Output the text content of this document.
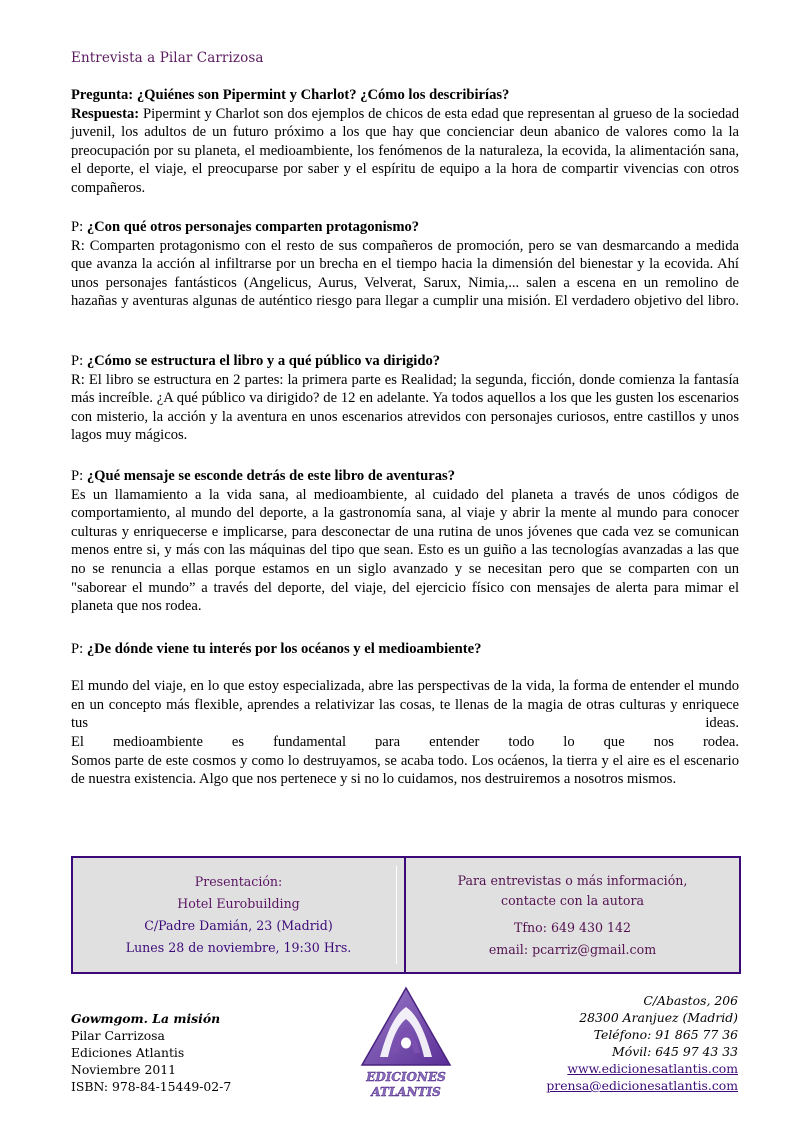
Entrevista a Pilar Carrizosa

Pregunta: ¿Quiénes son Pipermint y Charlot? ¿Cómo los describirías?

Respuesta: Pipermint y Charlot son dos ejemplos de chicos de esta edad que representan al grueso de la sociedad juvenil, los adultos de un futuro próximo a los que hay que concienciar deun abanico de valores como la la preocupación por su planeta, el medioambiente, los fenómenos de la naturaleza, la ecovida, la alimentación sana, el deporte, el viaje, el preocuparse por saber y el espíritu de equipo a la hora de compartir vivencias con otros compañeros.

P: ¿Con qué otros personajes comparten protagonismo?

R: Comparten protagonismo con el resto de sus compañeros de promoción, pero se van desmarcando a medida que avanza la acción al infiltrarse por un brecha en el tiempo hacia la dimensión del bienestar y la ecovida. Ahí unos personajes fantásticos (Angelicus, Aurus, Velverat, Sarux, Nimia,... salen a escena en un remolino de hazañas y aventuras algunas de auténtico riesgo para llegar a cumplir una misión. El verdadero objetivo del libro.

P: ¿Cómo se estructura el libro y a qué público va dirigido?

R: El libro se estructura en 2 partes: la primera parte es Realidad; la segunda, ficción, donde comienza la fantasía más increíble. ¿A qué público va dirigido? de 12 en adelante. Ya todos aquellos a los que les gusten los escenarios con misterio, la acción y la aventura en unos escenarios atrevidos con personajes curiosos, entre castillos y unos lagos muy mágicos.

P: ¿Qué mensaje se esconde detrás de este libro de aventuras?

Es un llamamiento a la vida sana, al medioambiente, al cuidado del planeta a través de unos códigos de comportamiento, al mundo del deporte, a la gastronomía sana, al viaje y abrir la mente al mundo para conocer culturas y enriquecerse e implicarse, para desconectar de una rutina de unos jóvenes que cada vez se comunican menos entre si, y más con las máquinas del tipo que sean. Esto es un guiño a las tecnologías avanzadas a las que no se renuncia a ellas porque estamos en un siglo avanzado y se necesitan pero que se comparten con un "saborear el mundo” a través del deporte, del viaje, del ejercicio físico con mensajes de alerta para mimar el planeta que nos rodea.

P: ¿De dónde viene tu interés por los océanos y el medioambiente?

El mundo del viaje, en lo que estoy especializada, abre las perspectivas de la vida, la forma de entender el mundo en un concepto más flexible, aprendes a relativizar las cosas, te llenas de la magia de otras culturas y enriquece tus ideas.

El medioambiente es fundamental para entender todo lo que nos rodea.

Somos parte de este cosmos y como lo destruyamos, se acaba todo. Los ocáenos, la tierra y el aire es el escenario de nuestra existencia. Algo que nos pertenece y si no lo cuidamos, nos destruiremos a nosotros mismos.

Presentación:
Hotel Eurobuilding
C/Padre Damián, 23 (Madrid)
Lunes 28 de noviembre, 19:30 Hrs.
Para entrevistas o más información,
contacte con la autora
Tfno: 649 430 142
email: pcarriz@gmail.com
Gowmgom. La misión
Pilar Carrizosa
Ediciones Atlantis
Noviembre 2011
ISBN: 978-84-15449-02-7
EDICIONES
ATLANTIS
C/Abastos, 206
28300 Aranjuez (Madrid)
Teléfono: 91 865 77 36
Móvil: 645 97 43 33
www.edicionesatlantis.com
prensa@edicionesatlantis.com
